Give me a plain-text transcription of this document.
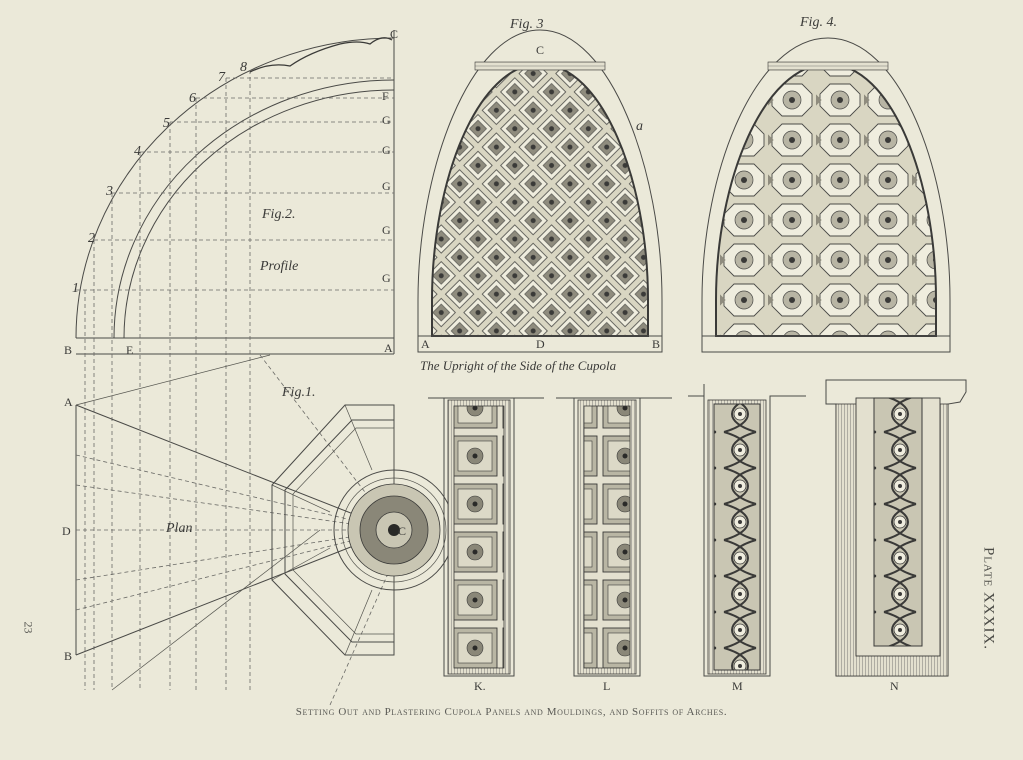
Fig.2.
Profile
B	E	A
C
F
G
G
G
G
G
1
2
3
4
5
6
7
8
Fig.1.
Plan
A
D
B
C
Fig. 3
C
a
A	D	B
The Upright of the Side of the Cupola
Fig. 4.
K.	L	M	N
Setting Out and Plastering Cupola Panels and Mouldings, and Soffits of Arches.
Plate XXXIX.
23
